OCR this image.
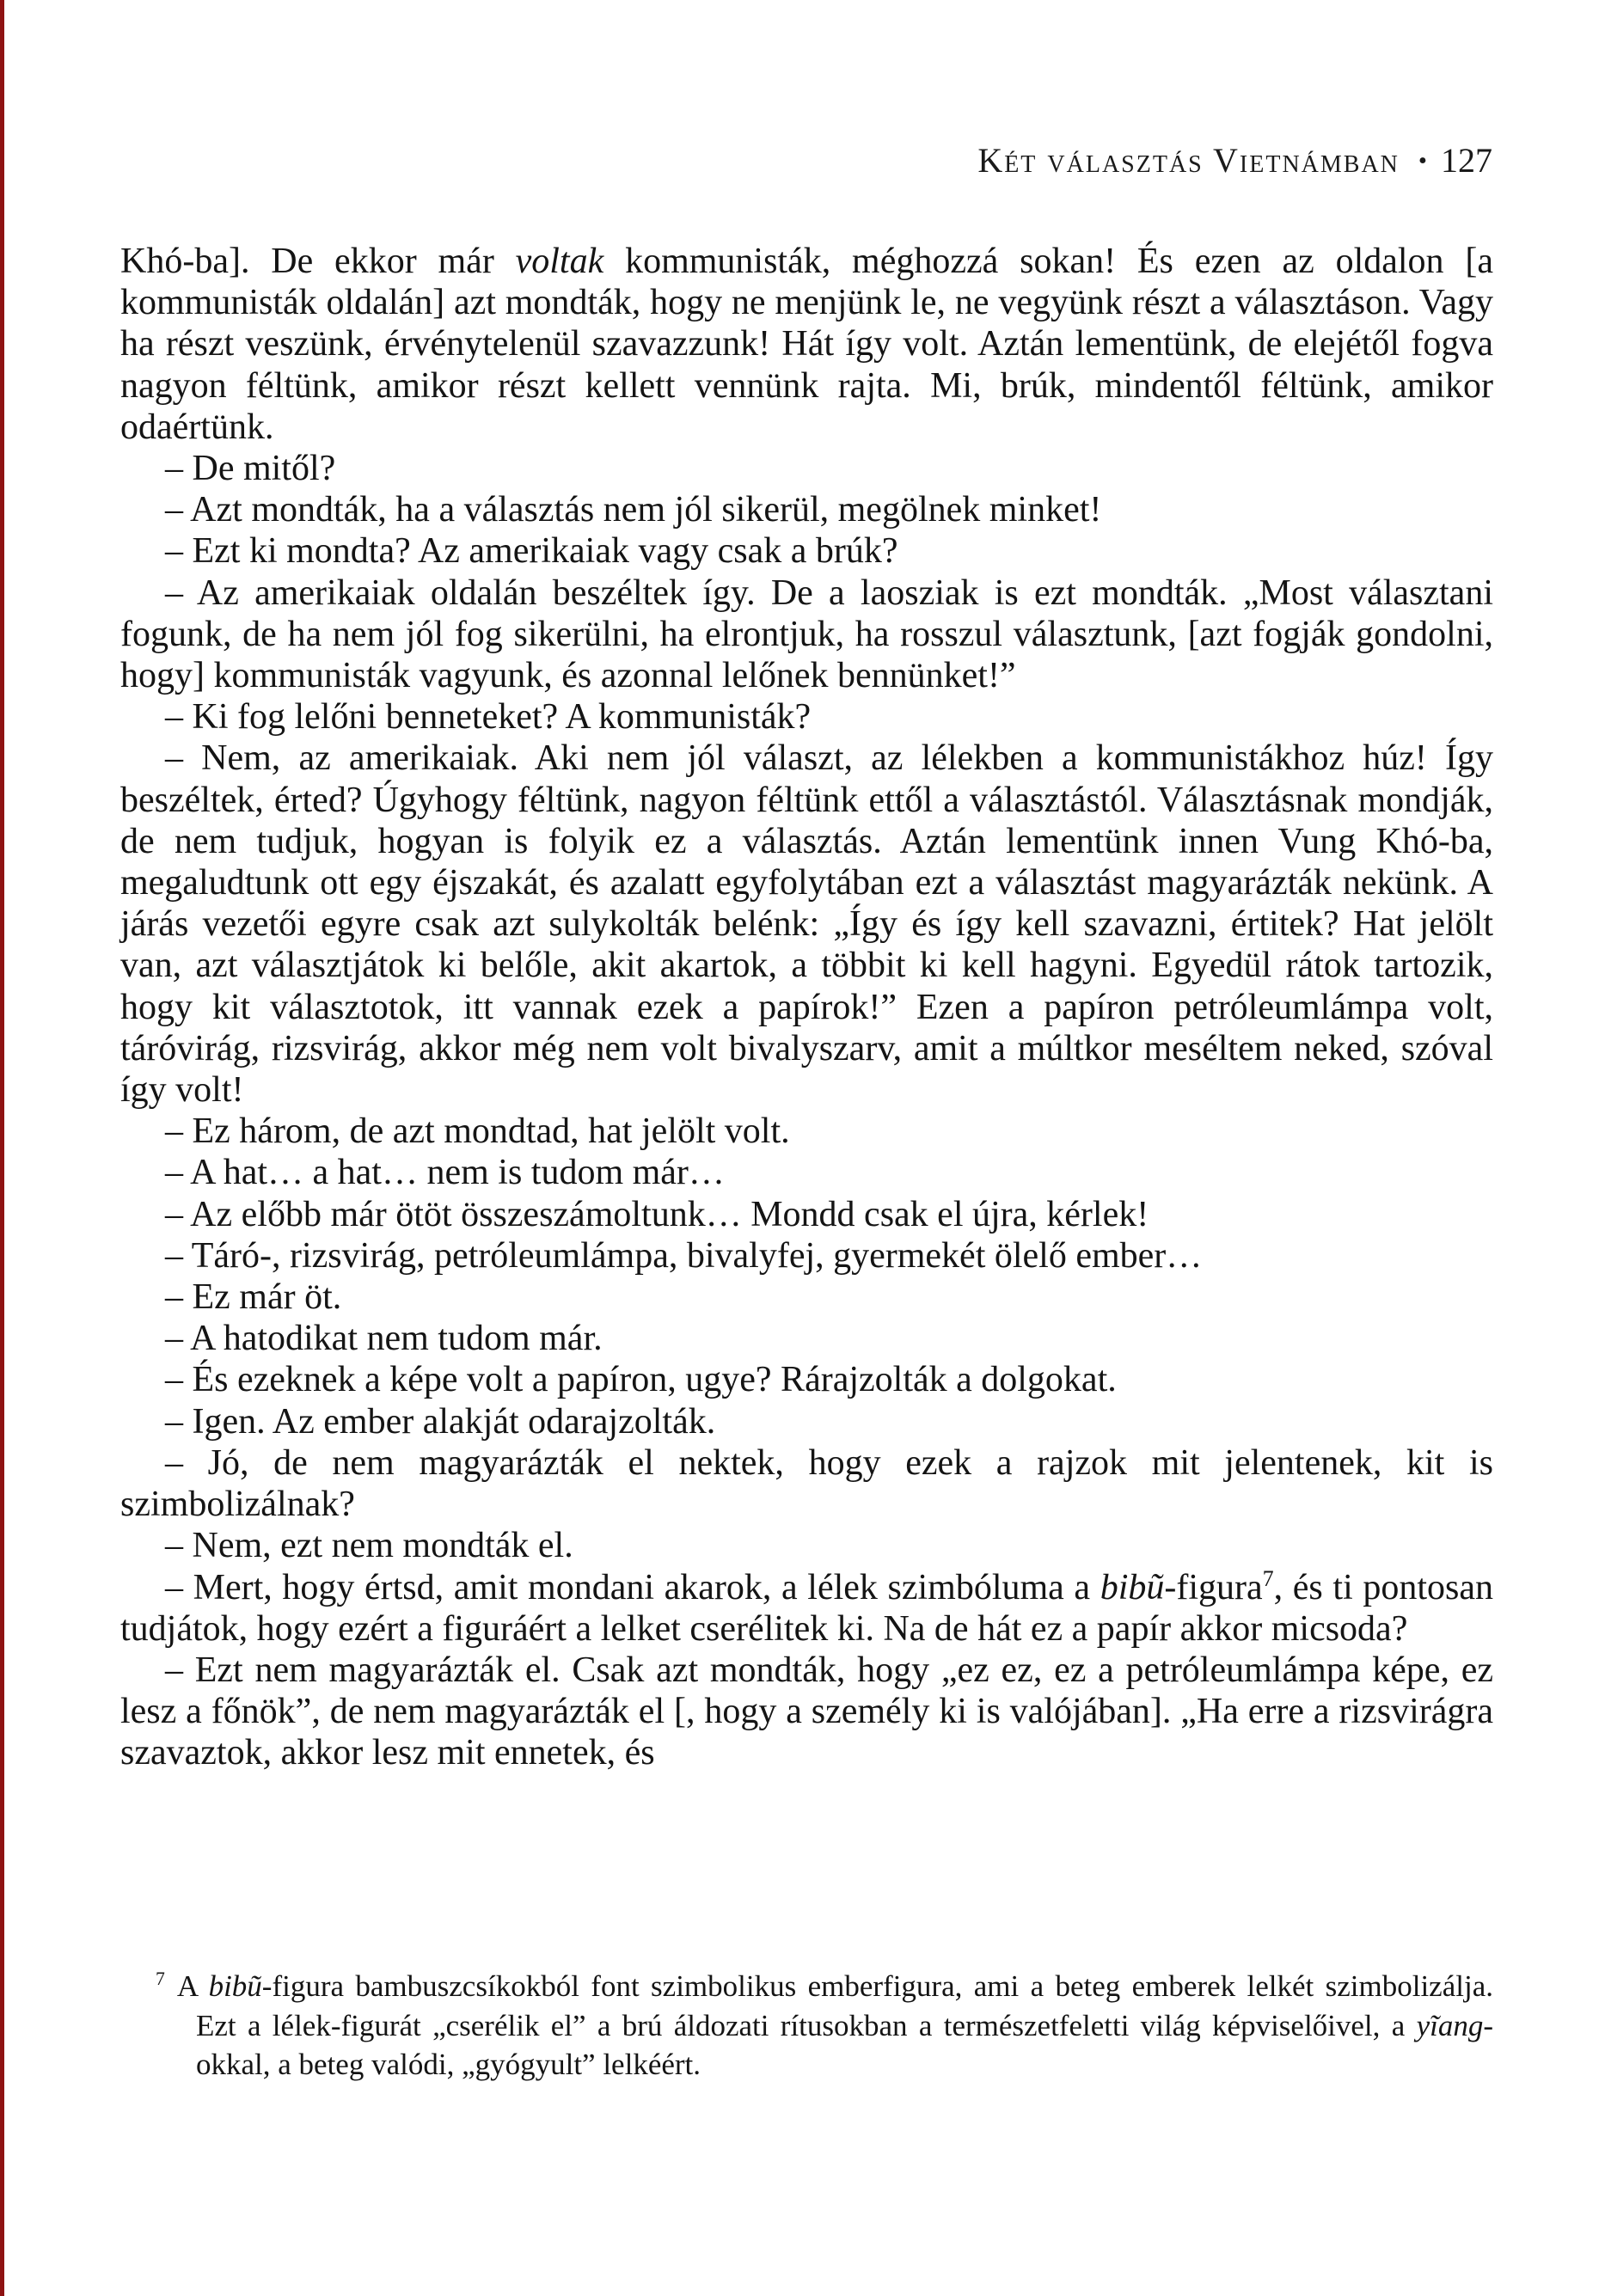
Két választás Vietnámban • 127

Khó-ba]. De ekkor már voltak kommunisták, méghozzá sokan! És ezen az oldalon [a kommunisták oldalán] azt mondták, hogy ne menjünk le, ne vegyünk részt a választáson. Vagy ha részt veszünk, érvénytelenül szavazzunk! Hát így volt. Aztán lementünk, de elejétől fogva nagyon féltünk, amikor részt kellett vennünk rajta. Mi, brúk, mindentől féltünk, amikor odaértünk.

– De mitől?

– Azt mondták, ha a választás nem jól sikerül, megölnek minket!

– Ezt ki mondta? Az amerikaiak vagy csak a brúk?

– Az amerikaiak oldalán beszéltek így. De a laosziak is ezt mondták. „Most választani fogunk, de ha nem jól fog sikerülni, ha elrontjuk, ha rosszul választunk, [azt fogják gondolni, hogy] kommunisták vagyunk, és azonnal lelőnek bennünket!”

– Ki fog lelőni benneteket? A kommunisták?

– Nem, az amerikaiak. Aki nem jól választ, az lélekben a kommunistákhoz húz! Így beszéltek, érted? Úgyhogy féltünk, nagyon féltünk ettől a választástól. Választásnak mondják, de nem tudjuk, hogyan is folyik ez a választás. Aztán lementünk innen Vung Khó-ba, megaludtunk ott egy éjszakát, és azalatt egyfolytában ezt a választást magyarázták nekünk. A járás vezetői egyre csak azt sulykolták belénk: „Így és így kell szavazni, értitek? Hat jelölt van, azt választjátok ki belőle, akit akartok, a többit ki kell hagyni. Egyedül rátok tartozik, hogy kit választotok, itt vannak ezek a papírok!” Ezen a papíron petróleumlámpa volt, táróvirág, rizsvirág, akkor még nem volt bivalyszarv, amit a múltkor meséltem neked, szóval így volt!

– Ez három, de azt mondtad, hat jelölt volt.

– A hat… a hat… nem is tudom már…

– Az előbb már ötöt összeszámoltunk… Mondd csak el újra, kérlek!

– Táró-, rizsvirág, petróleumlámpa, bivalyfej, gyermekét ölelő ember…

– Ez már öt.

– A hatodikat nem tudom már.

– És ezeknek a képe volt a papíron, ugye? Rárajzolták a dolgokat.

– Igen. Az ember alakját odarajzolták.

– Jó, de nem magyarázták el nektek, hogy ezek a rajzok mit jelentenek, kit is szimbolizálnak?

– Nem, ezt nem mondták el.

– Mert, hogy értsd, amit mondani akarok, a lélek szimbóluma a bibũ-figura$^7$, és ti pontosan tudjátok, hogy ezért a figuráért a lelket cserélitek ki. Na de hát ez a papír akkor micsoda?

– Ezt nem magyarázták el. Csak azt mondták, hogy „ez ez, ez a petróleumlámpa képe, ez lesz a főnök”, de nem magyarázták el [, hogy a személy ki is valójában]. „Ha erre a rizsvirágra szavaztok, akkor lesz mit ennetek, és

$^7$ A bibũ-figura bambuszcsíkokból font szimbolikus emberfigura, ami a beteg emberek lelkét szimbolizálja. Ezt a lélek-figurát „cserélik el” a brú áldozati rítusokban a természetfeletti világ képviselőivel, a yĩang-okkal, a beteg valódi, „gyógyult” lelkéért.
